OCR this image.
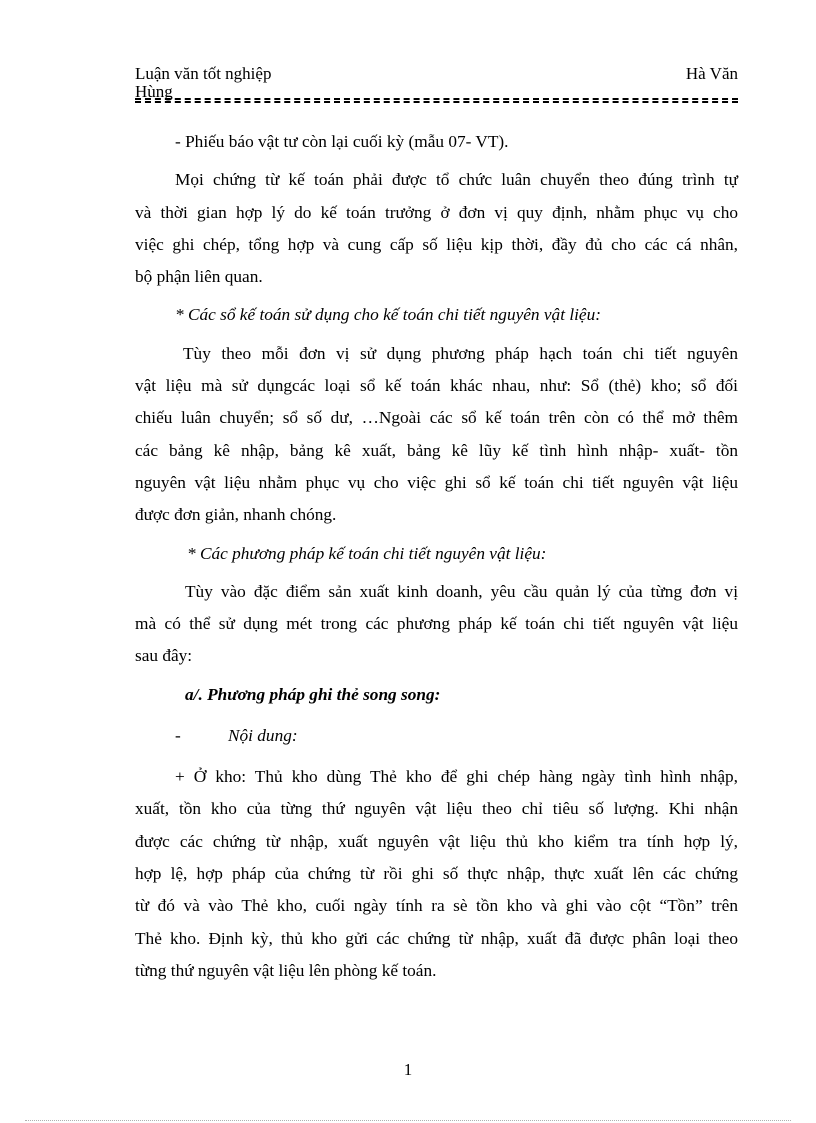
Luận văn tốt nghiệp	Hà Văn
Hùng

- Phiếu báo vật tư còn lại cuối kỳ (mẫu 07- VT).

Mọi chứng từ kế toán phải được tổ chức luân chuyển theo đúng trình tự

và thời gian hợp lý do kế toán trưởng ở đơn vị quy định, nhằm phục vụ cho

việc ghi chép, tổng hợp và cung cấp số liệu kịp thời, đầy đủ cho các cá nhân,

bộ phận liên quan.

* Các sổ kế toán sử dụng cho kế toán chi tiết nguyên vật liệu:

Tùy theo mỗi đơn vị sử dụng phương pháp hạch toán chi tiết nguyên

vật liệu mà sử dụngcác loại sổ kế toán khác nhau, như: Sổ (thẻ) kho; sổ đối

chiếu luân chuyển; sổ số dư, …Ngoài các sổ kế toán trên còn có thể mở thêm

các bảng kê nhập, bảng kê xuất, bảng kê lũy kế tình hình nhập- xuất- tồn

nguyên vật liệu nhằm phục vụ cho việc ghi sổ kế toán chi tiết nguyên vật liệu

được đơn giản, nhanh chóng.

* Các phương pháp kế toán chi tiết nguyên vật liệu:

Tùy vào đặc điểm sản xuất kinh doanh, yêu cầu quản lý của từng đơn vị

mà có thể sử dụng mét trong các phương pháp kế toán chi tiết nguyên vật liệu

sau đây:

a/. Phương pháp ghi thẻ song song:

-	Nội dung:

+ Ở kho: Thủ kho dùng Thẻ kho để ghi chép hàng ngày tình hình nhập,

xuất, tồn kho của từng thứ nguyên vật liệu theo chỉ tiêu số lượng. Khi nhận

được các chứng từ nhập, xuất nguyên vật liệu thủ kho kiểm tra tính hợp lý,

hợp lệ, hợp pháp của chứng từ rồi ghi số thực nhập, thực xuất lên các chứng

từ đó và vào Thẻ kho, cuối ngày tính ra sè tồn kho và ghi vào cột “Tồn” trên

Thẻ kho. Định kỳ, thủ kho gửi các chứng từ nhập, xuất đã được phân loại theo

từng thứ nguyên vật liệu lên phòng kế toán.

1
